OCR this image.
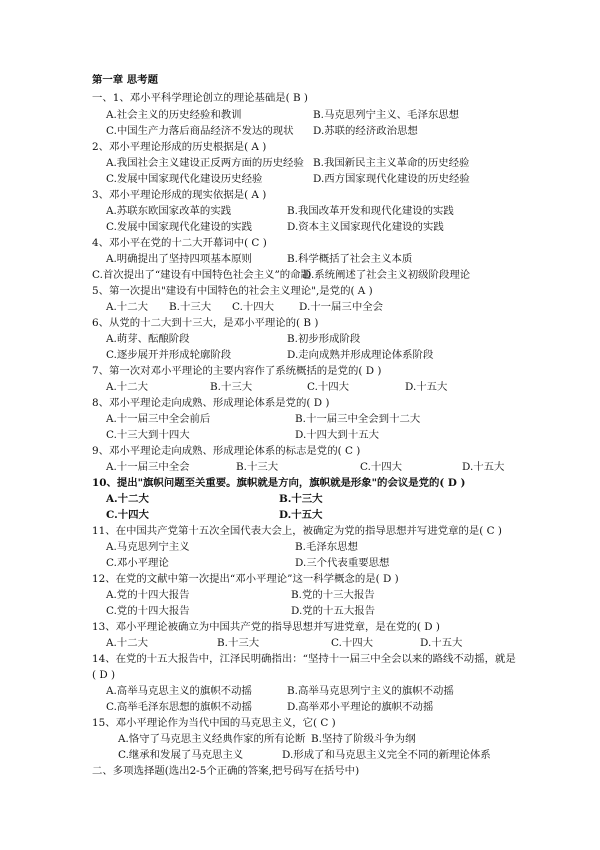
第一章 思考题
一、1、邓小平科学理论创立的理论基础是( B )
A.社会主义的历史经验和教训	B.马克思列宁主义、毛泽东思想
C.中国生产力落后商品经济不发达的现状 D.苏联的经济政治思想
2、邓小平理论形成的历史根据是( A )
A.我国社会主义建设正反两方面的历史经验 B.我国新民主主义革命的历史经验
C.发展中国家现代化建设历史经验	D.西方国家现代化建设的历史经验
3、邓小平理论形成的现实依据是( A )
A.苏联东欧国家改革的实践	B.我国改革开发和现代化建设的实践
C.发展中国家现代化建设的实践	D.资本主义国家现代化建设的实践
4、邓小平在党的十二大开幕词中( C )
A.明确提出了坚持四项基本原则	B.科学概括了社会主义本质
C.首次提出了“建设有中国特色社会主义”的命题
D.系统阐述了社会主义初级阶段理论
5、第一次提出"建设有中国特色的社会主义理论",是党的( A )
A.十二大 B.十三大 C.十四大 D.十一届三中全会
6、从党的十二大到十三大，是邓小平理论的( B )
A.萌芽、酝酿阶段	B.初步形成阶段
C.逐步展开并形成轮廓阶段	D.走向成熟并形成理论体系阶段
7、第一次对邓小平理论的主要内容作了系统概括的是党的( D )
A.十二大	B.十三大	C.十四大	D.十五大
8、邓小平理论走向成熟、形成理论体系是党的( D )
A.十一届三中全会前后	B.十一届三中全会到十二大
C.十三大到十四大	D.十四大到十五大
9、邓小平理论走向成熟、形成理论体系的标志是党的( C )
A.十一届三中全会	B.十三大	C.十四大	D.十五大
10、提出"旗帜问题至关重要。旗帜就是方向，旗帜就是形象"的会议是党的( D )
A.十二大	B.十三大
C.十四大	D.十五大
11、在中国共产党第十五次全国代表大会上，被确定为党的指导思想并写进党章的是( C )
A.马克思列宁主义	B.毛泽东思想
C.邓小平理论	D.三个代表重要思想
12、在党的文献中第一次提出“邓小平理论”这一科学概念的是( D )
A.党的十四大报告	B.党的十三大报告
C.党的十四大报告	D.党的十五大报告
13、邓小平理论被确立为中国共产党的指导思想并写进党章，是在党的( D )
A.十二大	B.十三大	C.十四大	D.十五大
14、在党的十五大报告中，江泽民明确指出：“坚持十一届三中全会以来的路线不动摇，就是
( D )
A.高举马克思主义的旗帜不动摇	B.高举马克思列宁主义的旗帜不动摇
C.高举毛泽东思想的旗帜不动摇	D.高举邓小平理论的旗帜不动摇
15、邓小平理论作为当代中国的马克思主义，它( C )
A.恪守了马克思主义经典作家的所有论断 B.坚持了阶级斗争为纲
C.继承和发展了马克思主义	D.形成了和马克思主义完全不同的新理论体系
二、多项选择题(选出2-5个正确的答案,把号码写在括号中)
